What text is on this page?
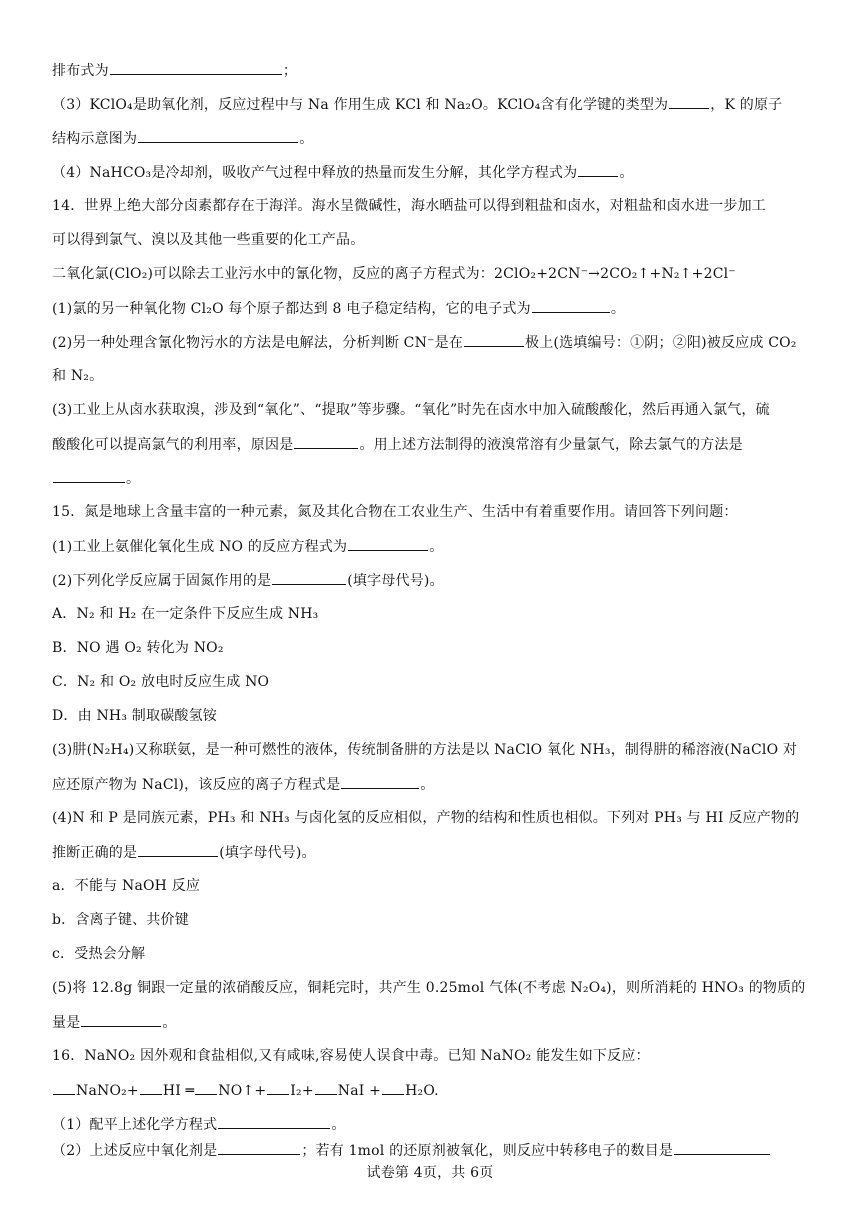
排布式为	；
（3）KClO₄是助氧化剂，反应过程中与 Na 作用生成 KCl 和 Na₂O。KClO₄含有化学键的类型为	，K 的原子
结构示意图为	。
（4）NaHCO₃是冷却剂，吸收产气过程中释放的热量而发生分解，其化学方程式为	。
14．世界上绝大部分卤素都存在于海洋。海水呈微碱性，海水晒盐可以得到粗盐和卤水，对粗盐和卤水进一步加工
可以得到氯气、溴以及其他一些重要的化工产品。
二氧化氯(ClO₂)可以除去工业污水中的氰化物，反应的离子方程式为：2ClO₂+2CN⁻→2CO₂↑+N₂↑+2Cl⁻
(1)氯的另一种氧化物 Cl₂O 每个原子都达到 8 电子稳定结构，它的电子式为	。
(2)另一种处理含氰化物污水的方法是电解法，分析判断 CN⁻是在	极上(选填编号：①阴；②阳)被反应成 CO₂
和 N₂。
(3)工业上从卤水获取溴，涉及到“氧化”、“提取”等步骤。“氧化”时先在卤水中加入硫酸酸化，然后再通入氯气，硫
酸酸化可以提高氯气的利用率，原因是	。用上述方法制得的液溴常溶有少量氯气，除去氯气的方法是
。
15．氮是地球上含量丰富的一种元素，氮及其化合物在工农业生产、生活中有着重要作用。请回答下列问题：
(1)工业上氨催化氧化生成 NO 的反应方程式为	。
(2)下列化学反应属于固氮作用的是	(填字母代号)。
A．N₂ 和 H₂ 在一定条件下反应生成 NH₃
B．NO 遇 O₂ 转化为 NO₂
C．N₂ 和 O₂ 放电时反应生成 NO
D．由 NH₃ 制取碳酸氢铵
(3)肼(N₂H₄)又称联氨，是一种可燃性的液体，传统制备肼的方法是以 NaClO 氧化 NH₃，制得肼的稀溶液(NaClO 对
应还原产物为 NaCl)，该反应的离子方程式是	。
(4)N 和 P 是同族元素，PH₃ 和 NH₃ 与卤化氢的反应相似，产物的结构和性质也相似。下列对 PH₃ 与 HI 反应产物的
推断正确的是	(填字母代号)。
a．不能与 NaOH 反应
b．含离子键、共价键
c．受热会分解
(5)将 12.8g 铜跟一定量的浓硝酸反应，铜耗完时，共产生 0.25mol 气体(不考虑 N₂O₄)，则所消耗的 HNO₃ 的物质的
量是	。
16．NaNO₂ 因外观和食盐相似,又有咸味,容易使人误食中毒。已知 NaNO₂ 能发生如下反应：
NaNO₂+ HI ═ NO↑+ I₂+ NaI + H₂O.
（1）配平上述化学方程式	。
（2）上述反应中氧化剂是	；若有 1mol 的还原剂被氧化，则反应中转移电子的数目是
试卷第 4页，共 6页
